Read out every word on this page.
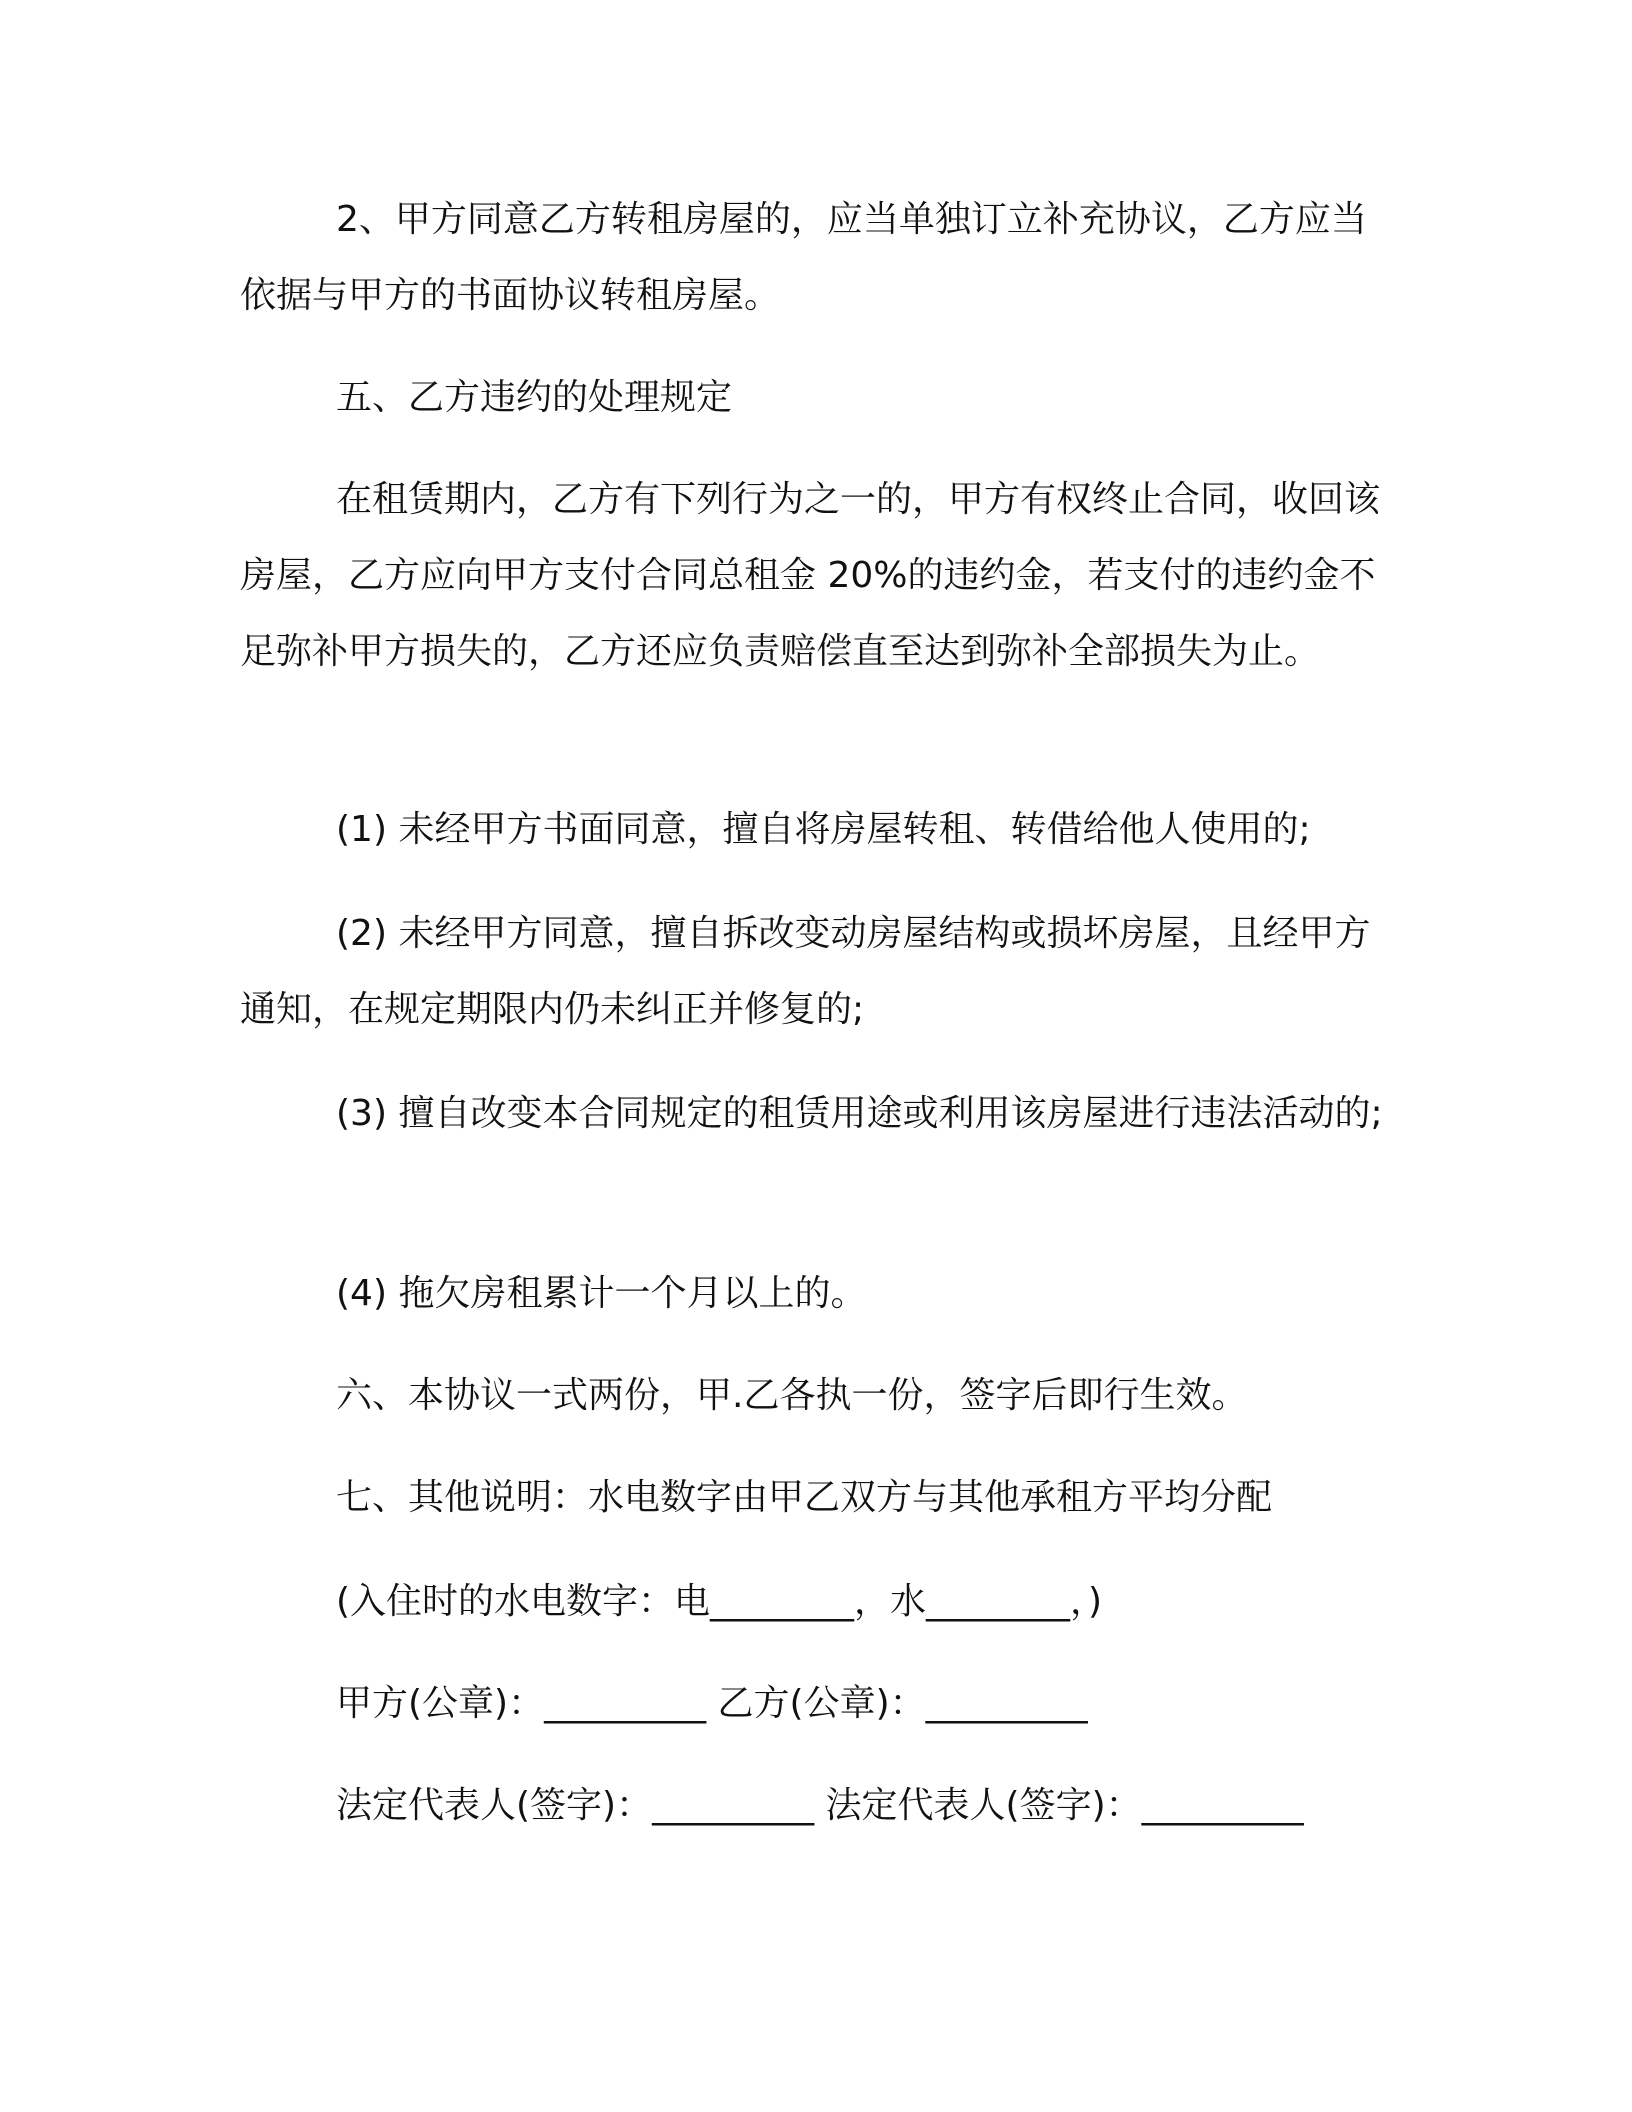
2、甲方同意乙方转租房屋的，应当单独订立补充协议，乙方应当依据与甲方的书面协议转租房屋。

五、乙方违约的处理规定

在租赁期内，乙方有下列行为之一的，甲方有权终止合同，收回该房屋，乙方应向甲方支付合同总租金 20%的违约金，若支付的违约金不足弥补甲方损失的，乙方还应负责赔偿直至达到弥补全部损失为止。

(1) 未经甲方书面同意，擅自将房屋转租、转借给他人使用的;

(2) 未经甲方同意，擅自拆改变动房屋结构或损坏房屋，且经甲方通知，在规定期限内仍未纠正并修复的;

(3) 擅自改变本合同规定的租赁用途或利用该房屋进行违法活动的;

(4) 拖欠房租累计一个月以上的。

六、本协议一式两份，甲.乙各执一份，签字后即行生效。

七、其他说明：水电数字由甲乙双方与其他承租方平均分配

(入住时的水电数字：电________，水________，)

甲方(公章)：_________ 乙方(公章)：_________

法定代表人(签字)：_________ 法定代表人(签字)：_________
